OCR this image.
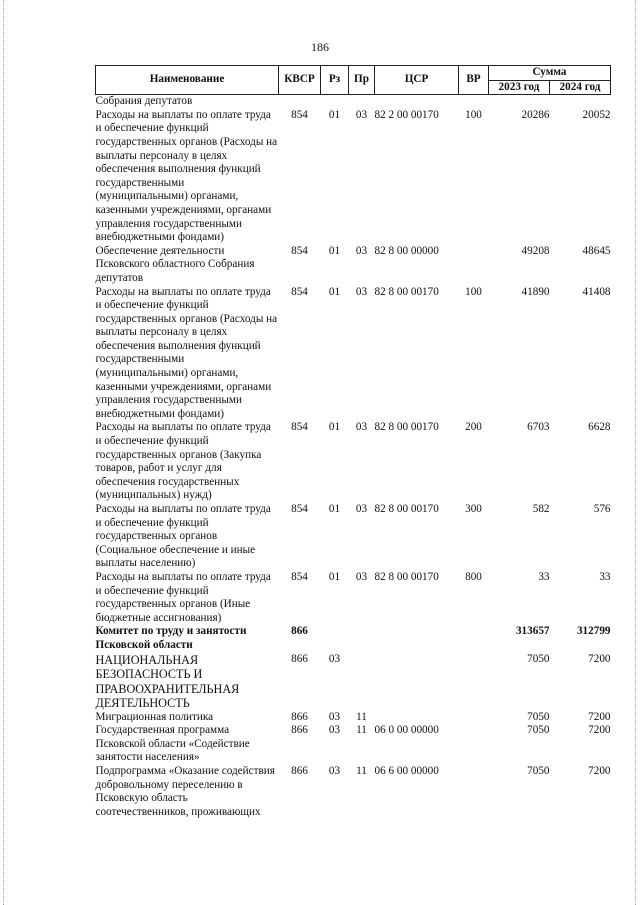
186
Наименование	КВСР	Рз	Пр	ЦСР	ВР	Сумма	
						2023 год	2024 год
Собрания депутатов							
Расходы на выплаты по оплате труда и обеспечение функций государственных органов (Расходы на выплаты персоналу в целях обеспечения выполнения функций государственными (муниципальными) органами, казенными учреждениями, органами управления государственными внебюджетными фондами)	854	01	03	82 2 00 00170	100	20286	20052
Обеспечение деятельности Псковского областного Собрания депутатов	854	01	03	82 8 00 00000		49208	48645
Расходы на выплаты по оплате труда и обеспечение функций государственных органов (Расходы на выплаты персоналу в целях обеспечения выполнения функций государственными (муниципальными) органами, казенными учреждениями, органами управления государственными внебюджетными фондами)	854	01	03	82 8 00 00170	100	41890	41408
Расходы на выплаты по оплате труда и обеспечение функций государственных органов (Закупка товаров, работ и услуг для обеспечения государственных (муниципальных) нужд)	854	01	03	82 8 00 00170	200	6703	6628
Расходы на выплаты по оплате труда и обеспечение функций государственных органов (Социальное обеспечение и иные выплаты населению)	854	01	03	82 8 00 00170	300	582	576
Расходы на выплаты по оплате труда и обеспечение функций государственных органов (Иные бюджетные ассигнования)	854	01	03	82 8 00 00170	800	33	33
Комитет по труду и занятости Псковской области	866					313657	312799
НАЦИОНАЛЬНАЯ БЕЗОПАСНОСТЬ И ПРАВООХРАНИТЕЛЬНАЯ ДЕЯТЕЛЬНОСТЬ	866	03				7050	7200
Миграционная политика	866	03	11			7050	7200
Государственная программа Псковской области «Содействие занятости населения»	866	03	11	06 0 00 00000		7050	7200
Подпрограмма «Оказание содействия добровольному переселению в Псковскую область соотечественников, проживающих	866	03	11	06 6 00 00000		7050	7200
